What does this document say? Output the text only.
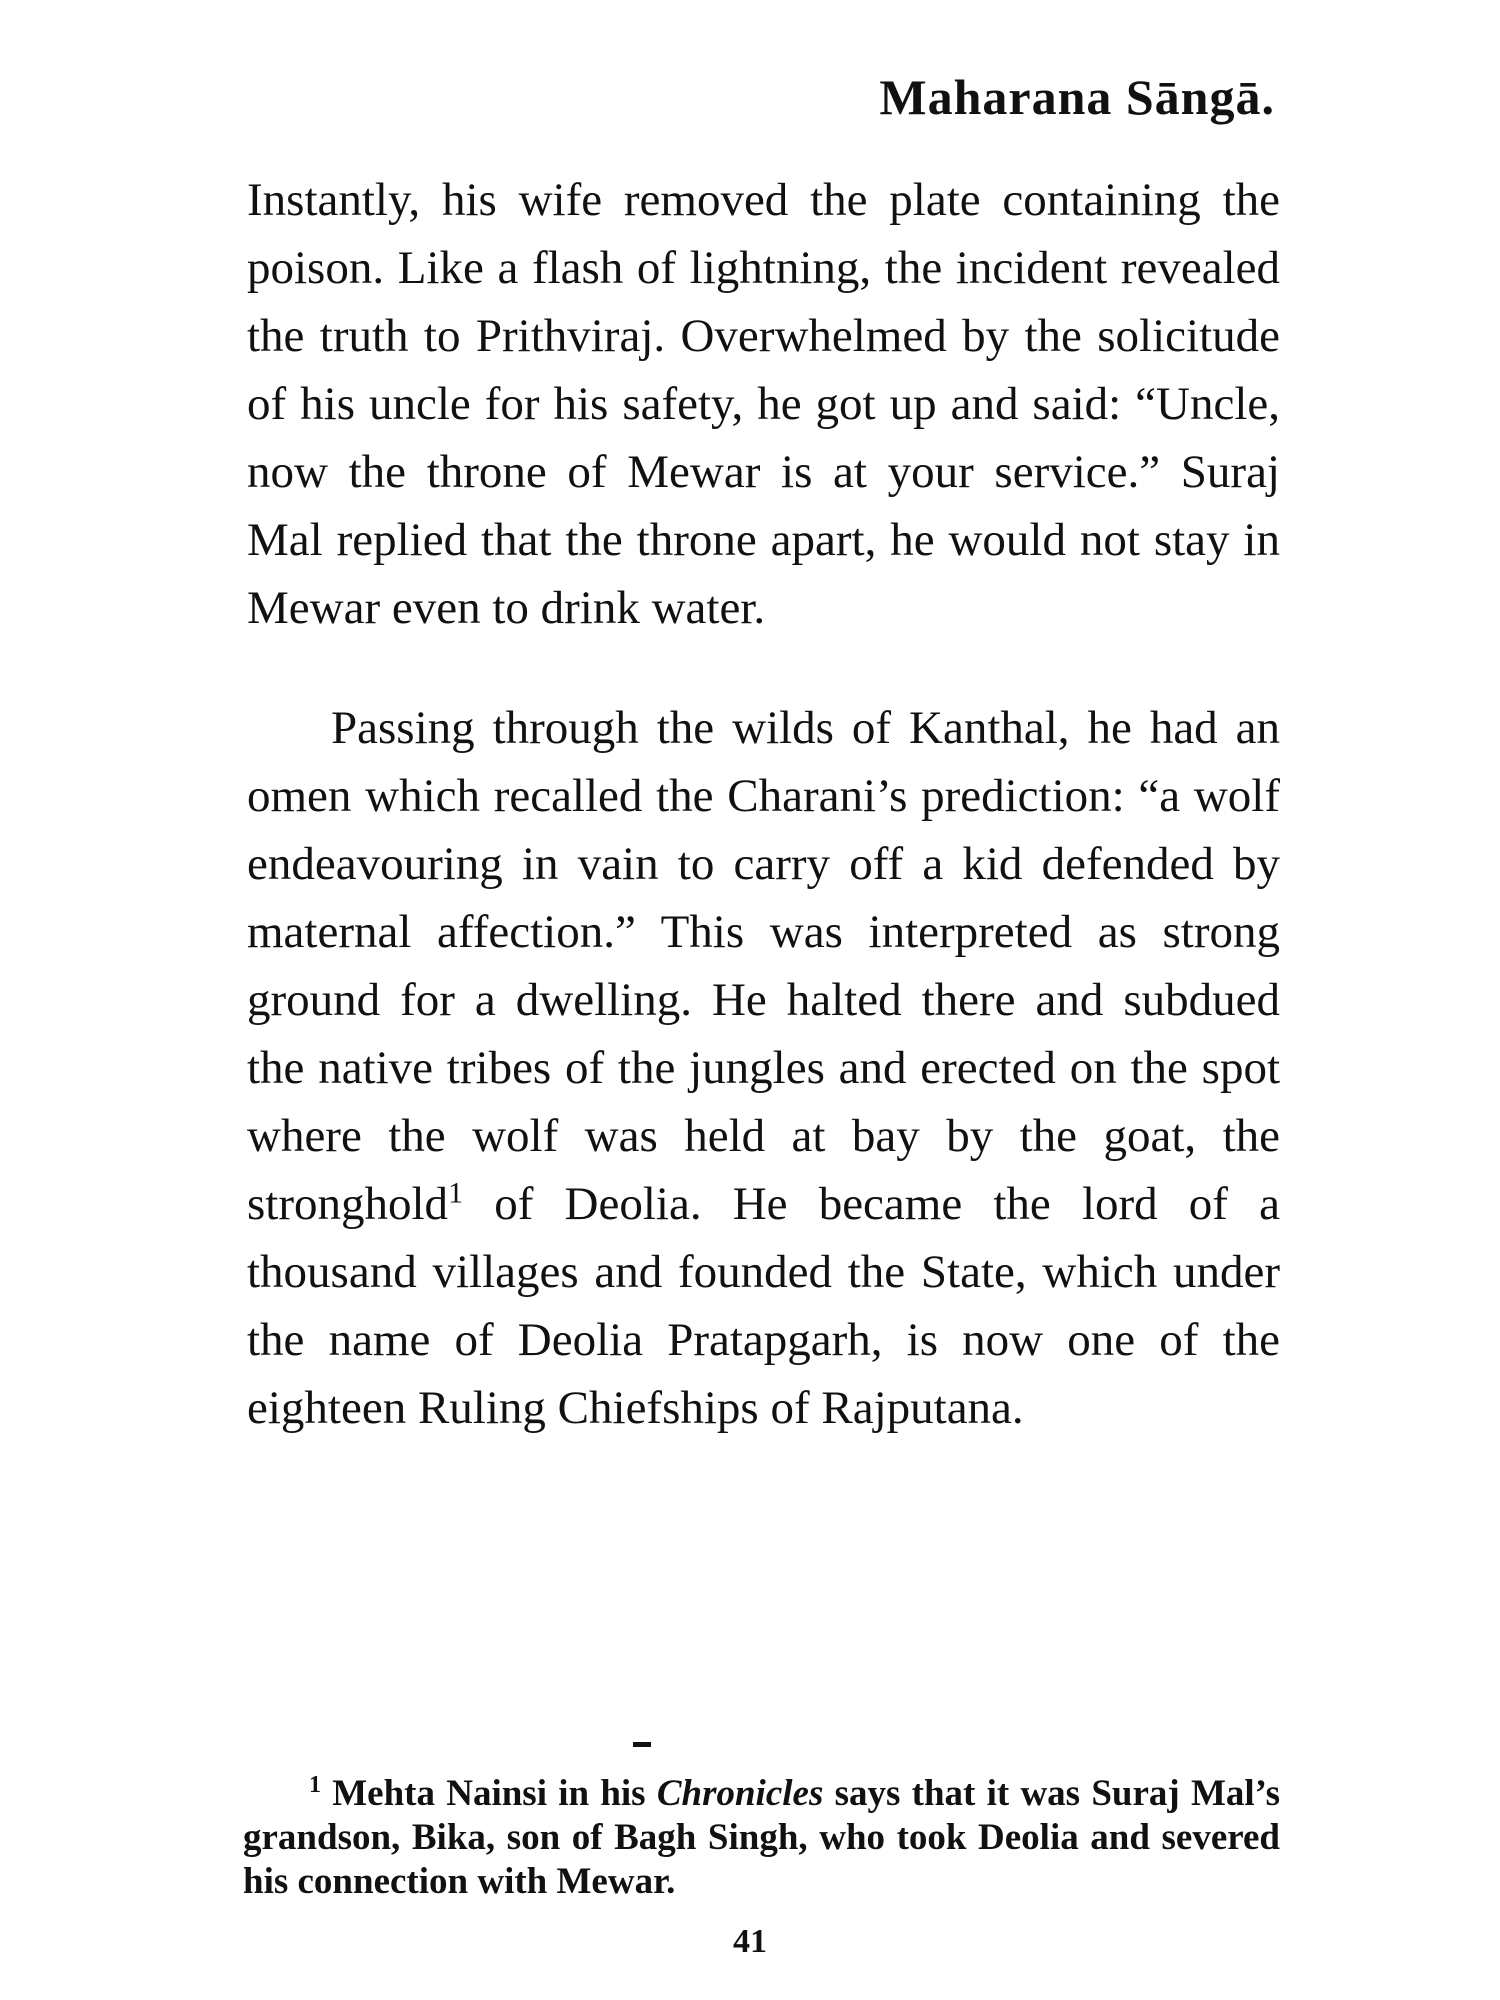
Maharana Sāngā.

Instantly, his wife removed the plate containing the poison. Like a flash of lightning, the incident revealed the truth to Prithviraj. Overwhelmed by the solicitude of his uncle for his safety, he got up and said: “Uncle, now the throne of Mewar is at your service.” Suraj Mal replied that the throne apart, he would not stay in Mewar even to drink water.

Passing through the wilds of Kanthal, he had an omen which recalled the Charani’s prediction: “a wolf endeavouring in vain to carry off a kid defended by maternal affection.” This was interpreted as strong ground for a dwelling. He halted there and subdued the native tribes of the jungles and erected on the spot where the wolf was held at bay by the goat, the stronghold$^1$ of Deolia. He became the lord of a thousand villages and founded the State, which under the name of Deolia Pratapgarh, is now one of the eighteen Ruling Chiefships of Rajputana.

$^1$ Mehta Nainsi in his Chronicles says that it was Suraj Mal’s grandson, Bika, son of Bagh Singh, who took Deolia and severed his connection with Mewar.

41
